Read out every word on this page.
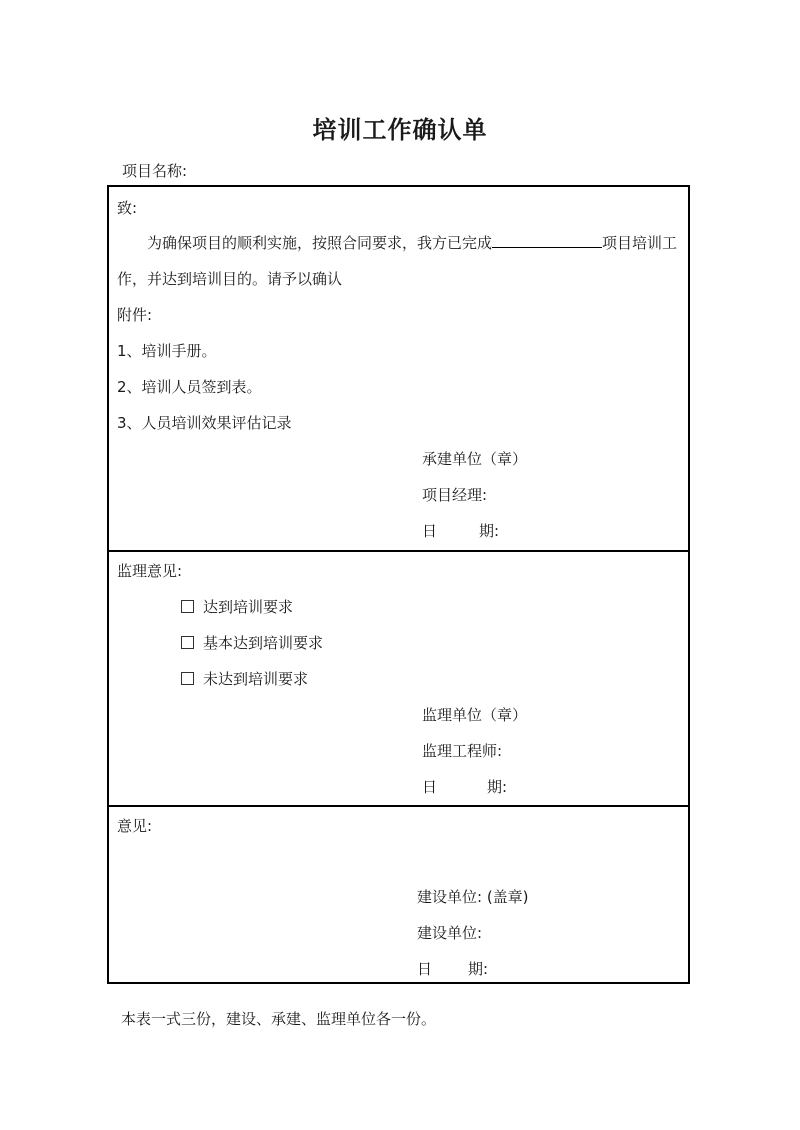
培训工作确认单
项目名称:
致:
为确保项目的顺利实施，按照合同要求，我方已完成	项目培训工
作，并达到培训目的。请予以确认
附件:
1、培训手册。
2、培训人员签到表。
3、人员培训效果评估记录
承建单位（章）
项目经理:
日	期:
监理意见:
达到培训要求
基本达到培训要求
未达到培训要求
监理单位（章）
监理工程师:
日	期:
意见:
建设单位: (盖章)
建设单位:
日 期:
本表一式三份，建设、承建、监理单位各一份。
